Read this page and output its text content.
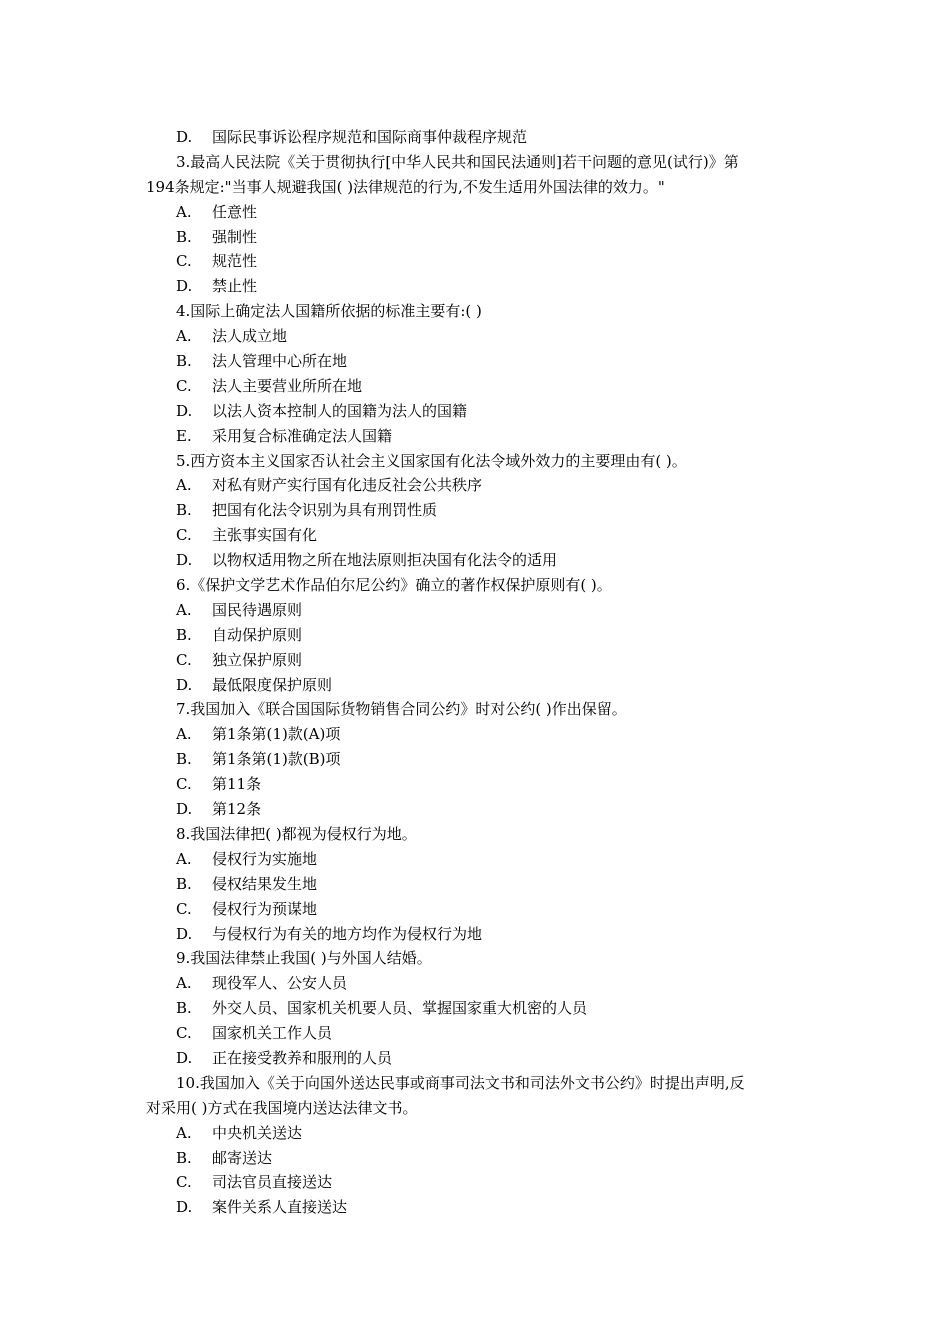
D. 国际民事诉讼程序规范和国际商事仲裁程序规范
3.最高人民法院《关于贯彻执行[中华人民共和国民法通则]若干问题的意见(试行)》第
194条规定:"当事人规避我国( )法律规范的行为,不发生适用外国法律的效力。"
A. 任意性
B. 强制性
C. 规范性
D. 禁止性
4.国际上确定法人国籍所依据的标准主要有:( )
A. 法人成立地
B. 法人管理中心所在地
C. 法人主要营业所所在地
D. 以法人资本控制人的国籍为法人的国籍
E. 采用复合标准确定法人国籍
5.西方资本主义国家否认社会主义国家国有化法令域外效力的主要理由有( )。
A. 对私有财产实行国有化违反社会公共秩序
B. 把国有化法令识别为具有刑罚性质
C. 主张事实国有化
D. 以物权适用物之所在地法原则拒决国有化法令的适用
6.《保护文学艺术作品伯尔尼公约》确立的著作权保护原则有( )。
A. 国民待遇原则
B. 自动保护原则
C. 独立保护原则
D. 最低限度保护原则
7.我国加入《联合国国际货物销售合同公约》时对公约( )作出保留。
A. 第1条第(1)款(A)项
B. 第1条第(1)款(B)项
C. 第11条
D. 第12条
8.我国法律把( )都视为侵权行为地。
A. 侵权行为实施地
B. 侵权结果发生地
C. 侵权行为预谋地
D. 与侵权行为有关的地方均作为侵权行为地
9.我国法律禁止我国( )与外国人结婚。
A. 现役军人、公安人员
B. 外交人员、国家机关机要人员、掌握国家重大机密的人员
C. 国家机关工作人员
D. 正在接受教养和服刑的人员
10.我国加入《关于向国外送达民事或商事司法文书和司法外文书公约》时提出声明,反
对采用( )方式在我国境内送达法律文书。
A. 中央机关送达
B. 邮寄送达
C. 司法官员直接送达
D. 案件关系人直接送达
